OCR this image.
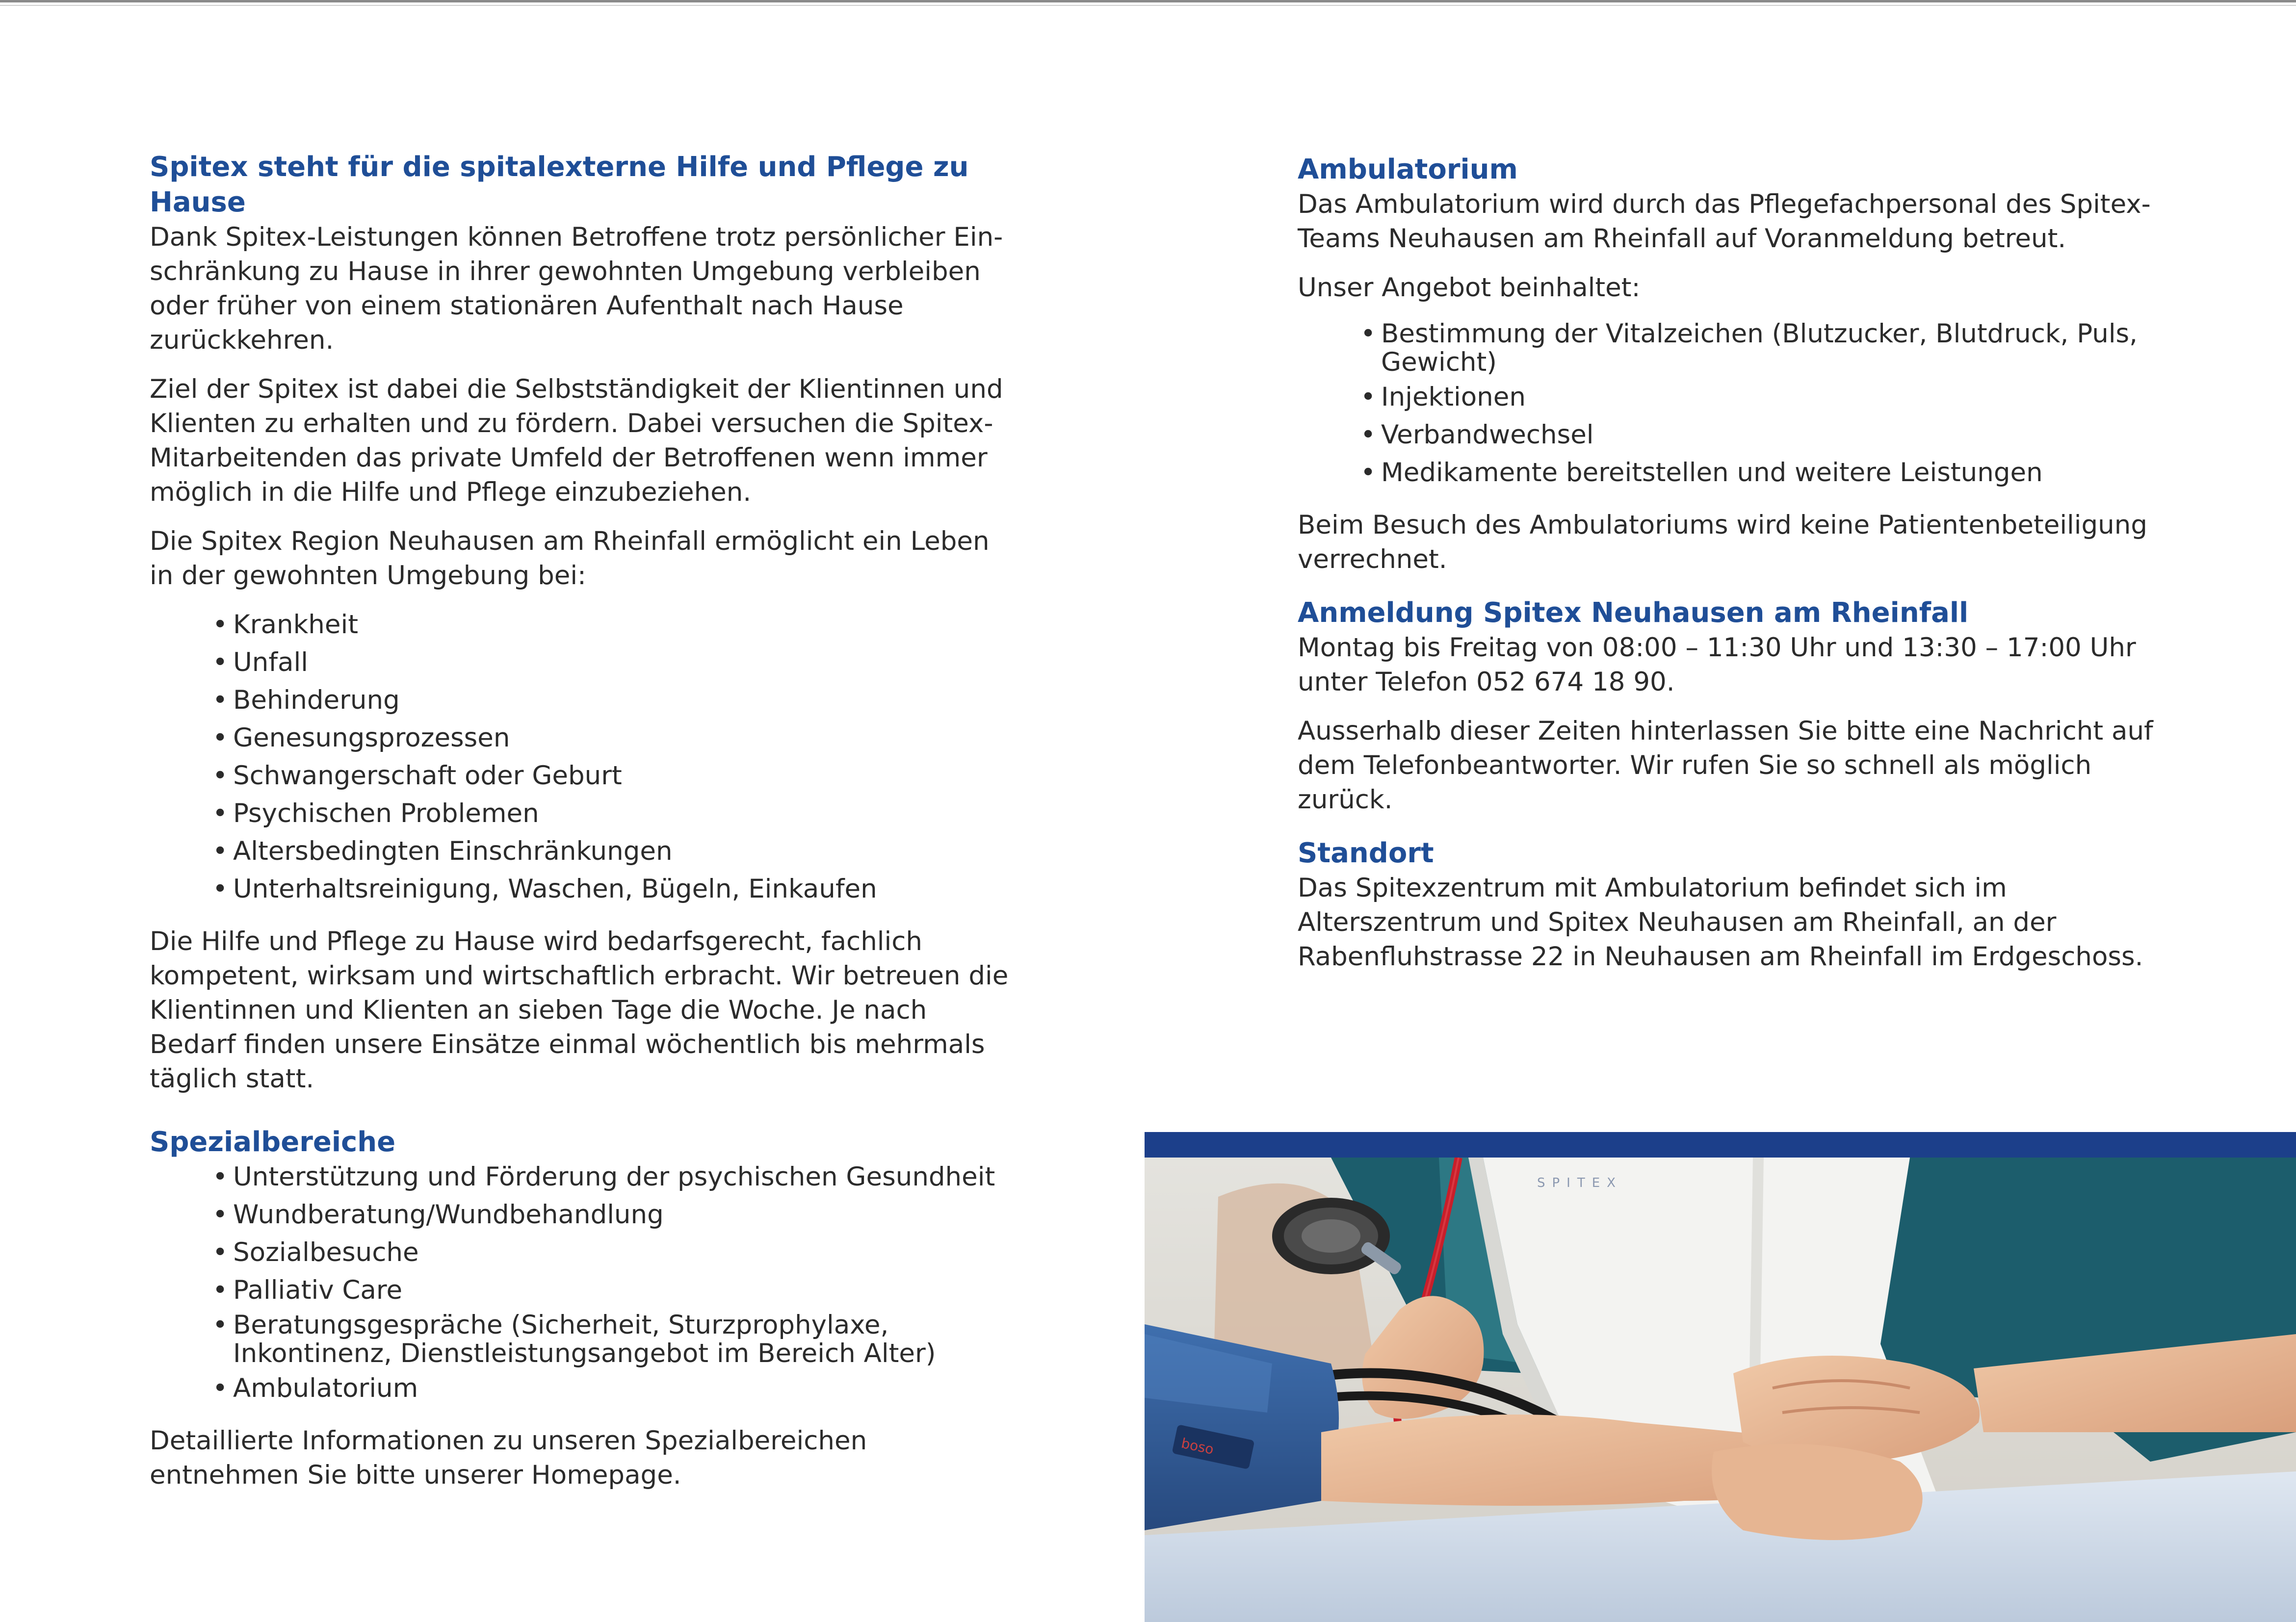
Spitex steht für die spitalexterne Hilfe und Pflege zu Hause

Dank Spitex-Leistungen können Betroffene trotz persönlicher Ein-schränkung zu Hause in ihrer gewohnten Umgebung verbleiben oder früher von einem stationären Aufenthalt nach Hause zurückkehren.

Ziel der Spitex ist dabei die Selbstständigkeit der Klientinnen und Klienten zu erhalten und zu fördern. Dabei versuchen die Spitex-Mitarbeitenden das private Umfeld der Betroffenen wenn immer möglich in die Hilfe und Pflege einzubeziehen.

Die Spitex Region Neuhausen am Rheinfall ermöglicht ein Leben in der gewohnten Umgebung bei:

• Krankheit
• Unfall
• Behinderung
• Genesungsprozessen
• Schwangerschaft oder Geburt
• Psychischen Problemen
• Altersbedingten Einschränkungen
• Unterhaltsreinigung, Waschen, Bügeln, Einkaufen

Die Hilfe und Pflege zu Hause wird bedarfsgerecht, fachlich kompetent, wirksam und wirtschaftlich erbracht. Wir betreuen die Klientinnen und Klienten an sieben Tage die Woche. Je nach Bedarf finden unsere Einsätze einmal wöchentlich bis mehrmals täglich statt.

Spezialbereiche
• Unterstützung und Förderung der psychischen Gesundheit
• Wundberatung/Wundbehandlung
• Sozialbesuche
• Palliativ Care
• Beratungsgespräche (Sicherheit, Sturzprophylaxe, Inkontinenz, Dienstleistungsangebot im Bereich Alter)
• Ambulatorium

Detaillierte Informationen zu unseren Spezialbereichen entnehmen Sie bitte unserer Homepage.

Ambulatorium

Das Ambulatorium wird durch das Pflegefachpersonal des Spitex-Teams Neuhausen am Rheinfall auf Voranmeldung betreut.

Unser Angebot beinhaltet:

• Bestimmung der Vitalzeichen (Blutzucker, Blutdruck, Puls, Gewicht)
• Injektionen
• Verbandwechsel
• Medikamente bereitstellen und weitere Leistungen

Beim Besuch des Ambulatoriums wird keine Patientenbeteiligung verrechnet.

Anmeldung Spitex Neuhausen am Rheinfall

Montag bis Freitag von 08:00 – 11:30 Uhr und 13:30 – 17:00 Uhr unter Telefon 052 674 18 90.

Ausserhalb dieser Zeiten hinterlassen Sie bitte eine Nachricht auf dem Telefonbeantworter. Wir rufen Sie so schnell als möglich zurück.

Standort

Das Spitexzentrum mit Ambulatorium befindet sich im Alterszentrum und Spitex Neuhausen am Rheinfall, an der Rabenfluhstrasse 22 in Neuhausen am Rheinfall im Erdgeschoss.

SPITEX
boso
